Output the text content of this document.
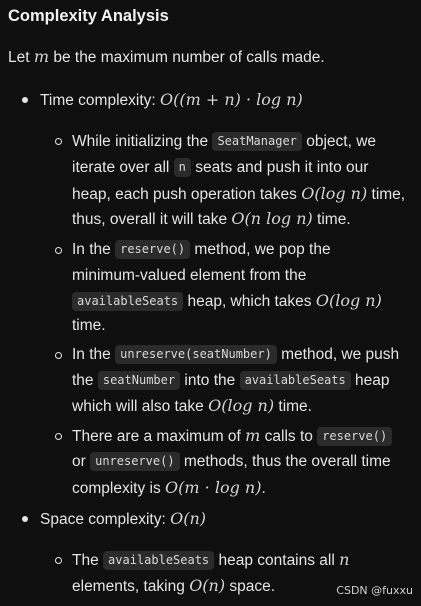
Complexity Analysis
Let m be the maximum number of calls made.
Time complexity: O((m + n) · log n)
While initializing the SeatManager object, we
iterate over all n seats and push it into our
heap, each push operation takes O(log n) time,
thus, overall it will take O(n log n) time.
In the reserve() method, we pop the
minimum-valued element from the
availableSeats heap, which takes O(log n)
time.
In the unreserve(seatNumber) method, we push
the seatNumber into the availableSeats heap
which will also take O(log n) time.
There are a maximum of m calls to reserve()
or unreserve() methods, thus the overall time
complexity is O(m · log n).
Space complexity: O(n)
The availableSeats heap contains all n
elements, taking O(n) space.	CSDN @fuxxu
